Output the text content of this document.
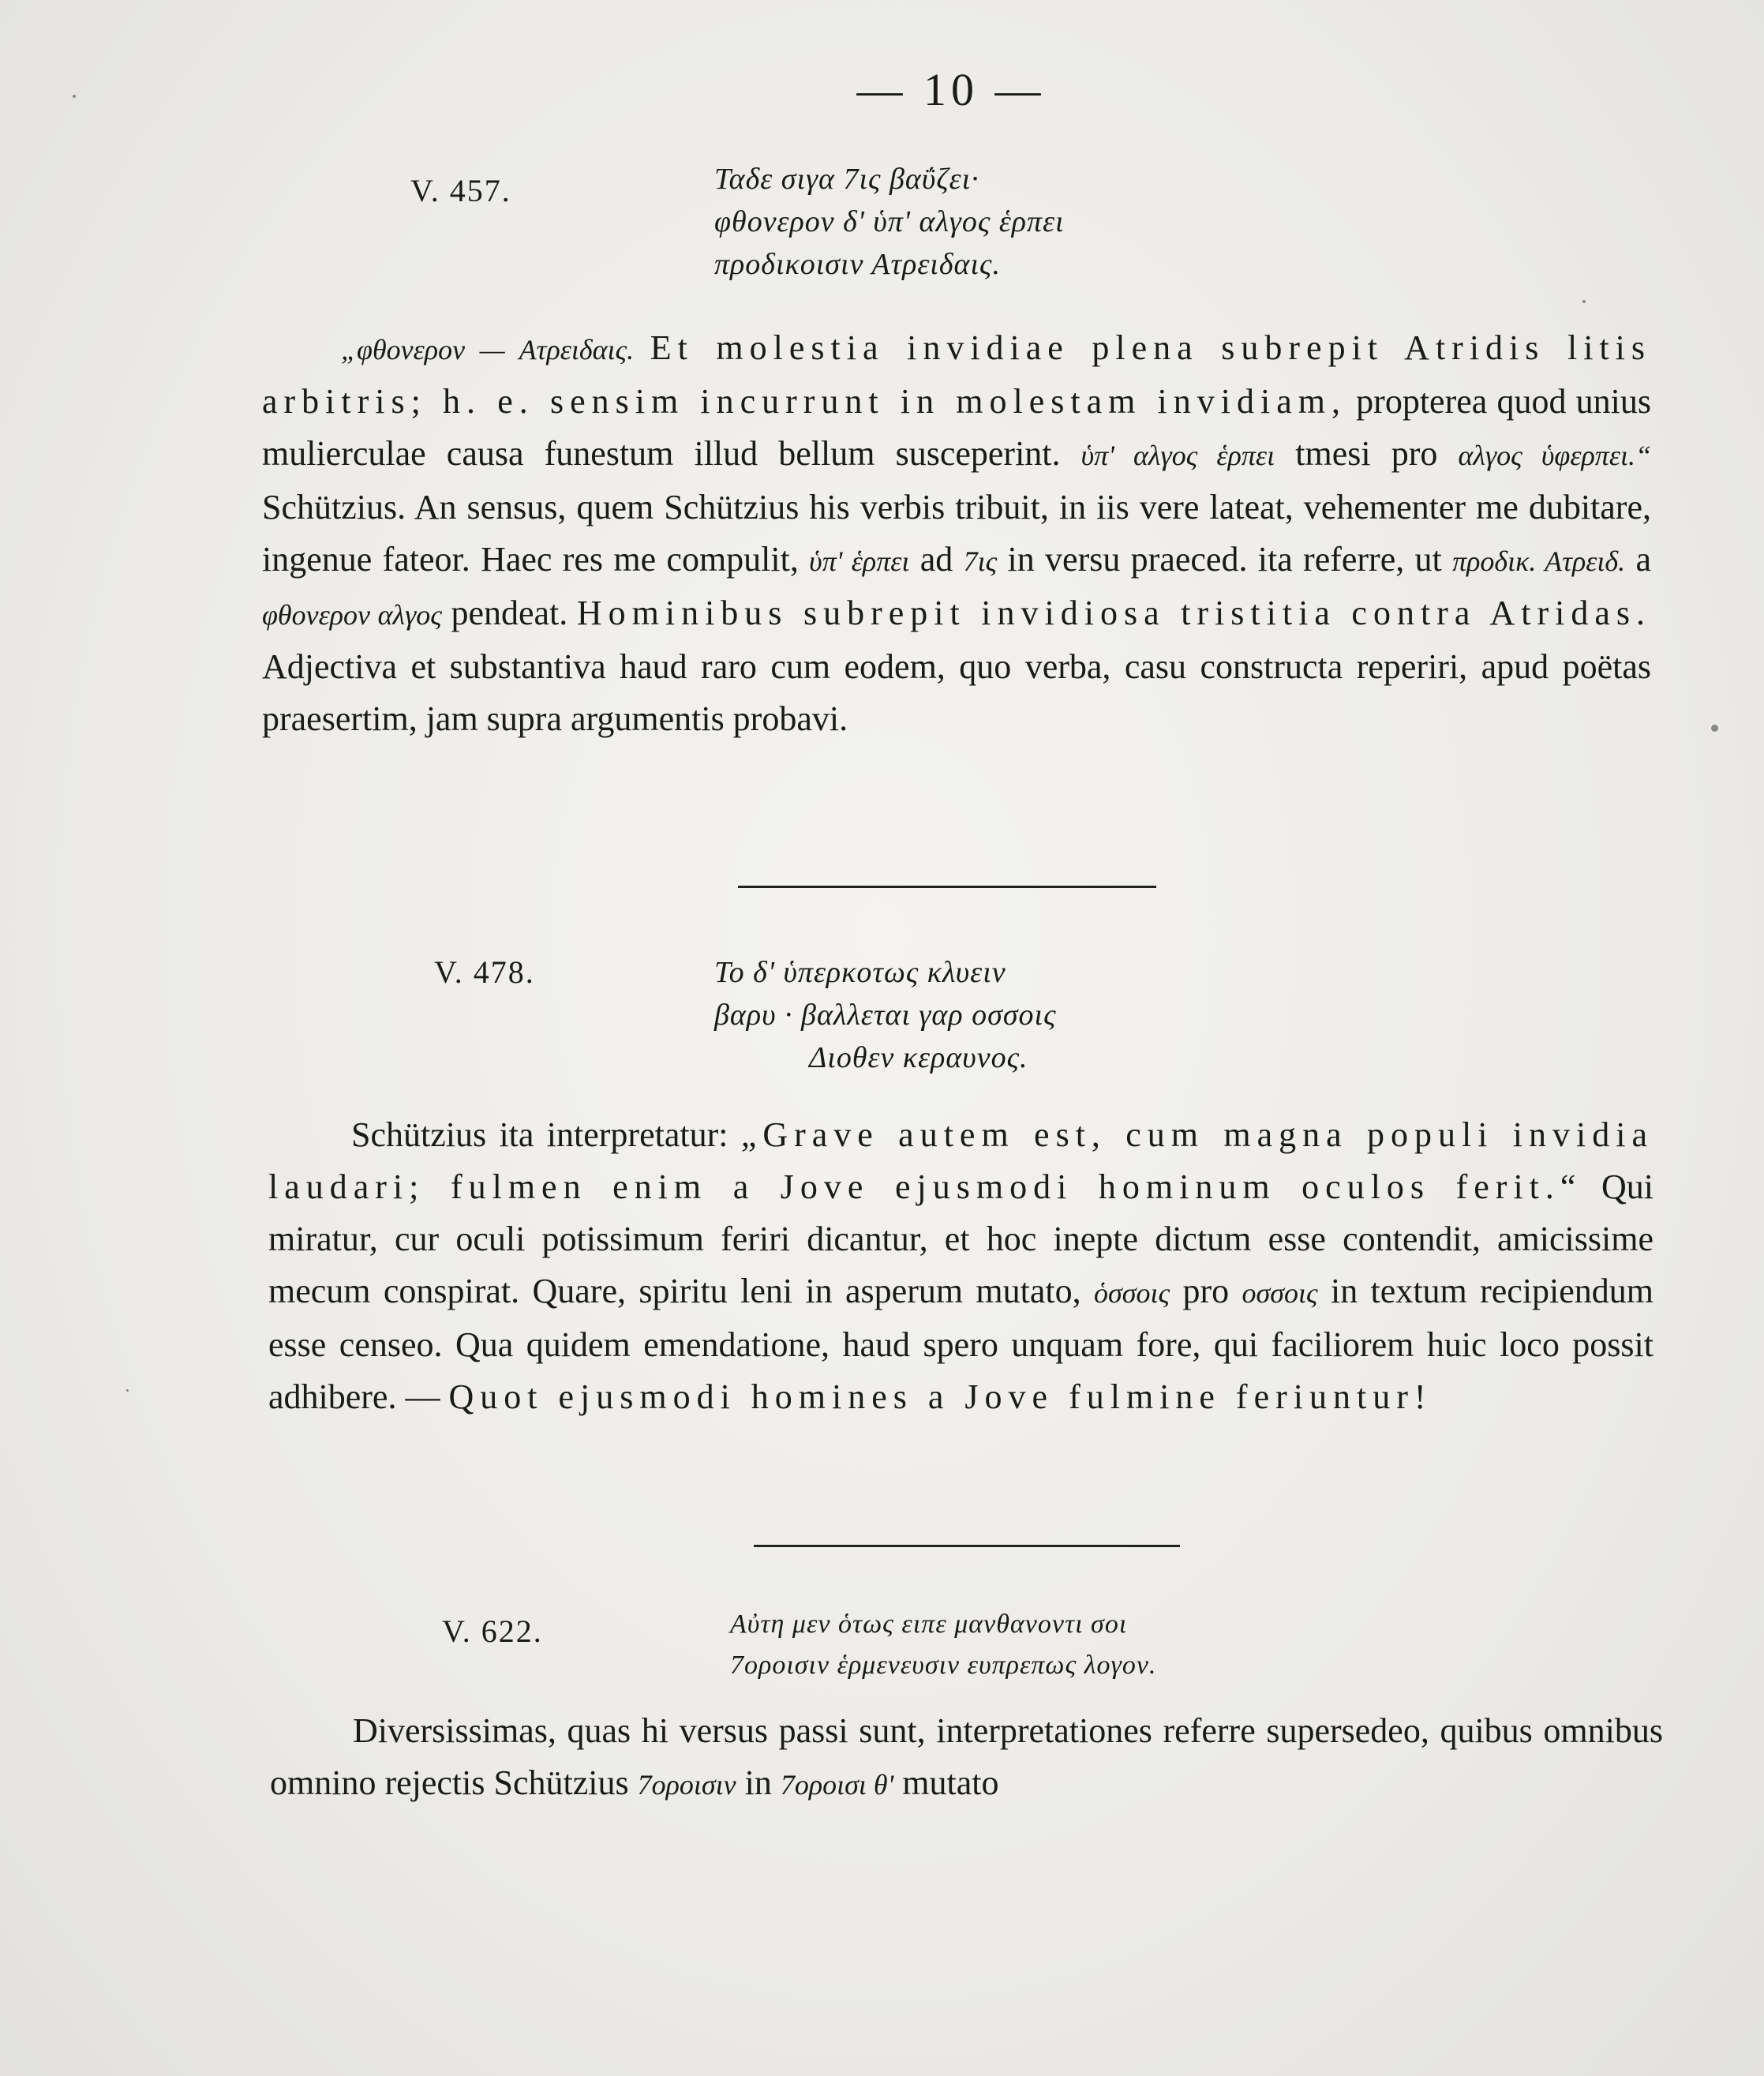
— 10 —
V. 457.	Ταδε σιγα 7ις βαΰζει·
φθονερον δ' ὑπ' αλγος ἑρπει
προδικοισιν Ατρειδαις.

„φθονερον — Ατρειδαις. Et molestia invidiae plena subrepit Atridis litis arbitris; h. e. sensim incurrunt in molestam invidiam, propterea quod unius mulierculae causa funestum illud bellum susceperint. ὑπ' αλγος ἑρπει tmesi pro αλγος ὑφερπει.“ Schützius. An sensus, quem Schützius his verbis tribuit, in iis vere lateat, vehementer me dubitare, ingenue fateor. Haec res me compulit, ὑπ' ἑρπει ad 7ις in versu praeced. ita referre, ut προδικ. Ατρειδ. a φθονερον αλγος pendeat. Hominibus subrepit invidiosa tristitia contra Atridas. Adjectiva et substantiva haud raro cum eodem, quo verba, casu constructa reperiri, apud poëtas praesertim, jam supra argumentis probavi.

V. 478.	Το δ' ὑπερκοτως κλυειν
βαρυ · βαλλεται γαρ οσσοις
Διοθεν κεραυνος.

Schützius ita interpretatur: „Grave autem est, cum magna populi invidia laudari; fulmen enim a Jove ejusmodi hominum oculos ferit.“ Qui miratur, cur oculi potissimum feriri dicantur, et hoc inepte dictum esse contendit, amicissime mecum conspirat. Quare, spiritu leni in asperum mutato, ὁσσοις pro οσσοις in textum recipiendum esse censeo. Qua quidem emendatione, haud spero unquam fore, qui faciliorem huic loco possit adhibere. — Quot ejusmodi homines a Jove fulmine feriuntur!

V. 622.	Αὐτη μεν ὁτως ειπε μανθανοντι σοι
7ορoισιν ἑρμενευσιν ευπρεπως λογον.

Diversissimas, quas hi versus passi sunt, interpretationes referre supersedeo, quibus omnibus omnino rejectis Schützius 7ορoισιν in 7ορoισι θ' mutato
